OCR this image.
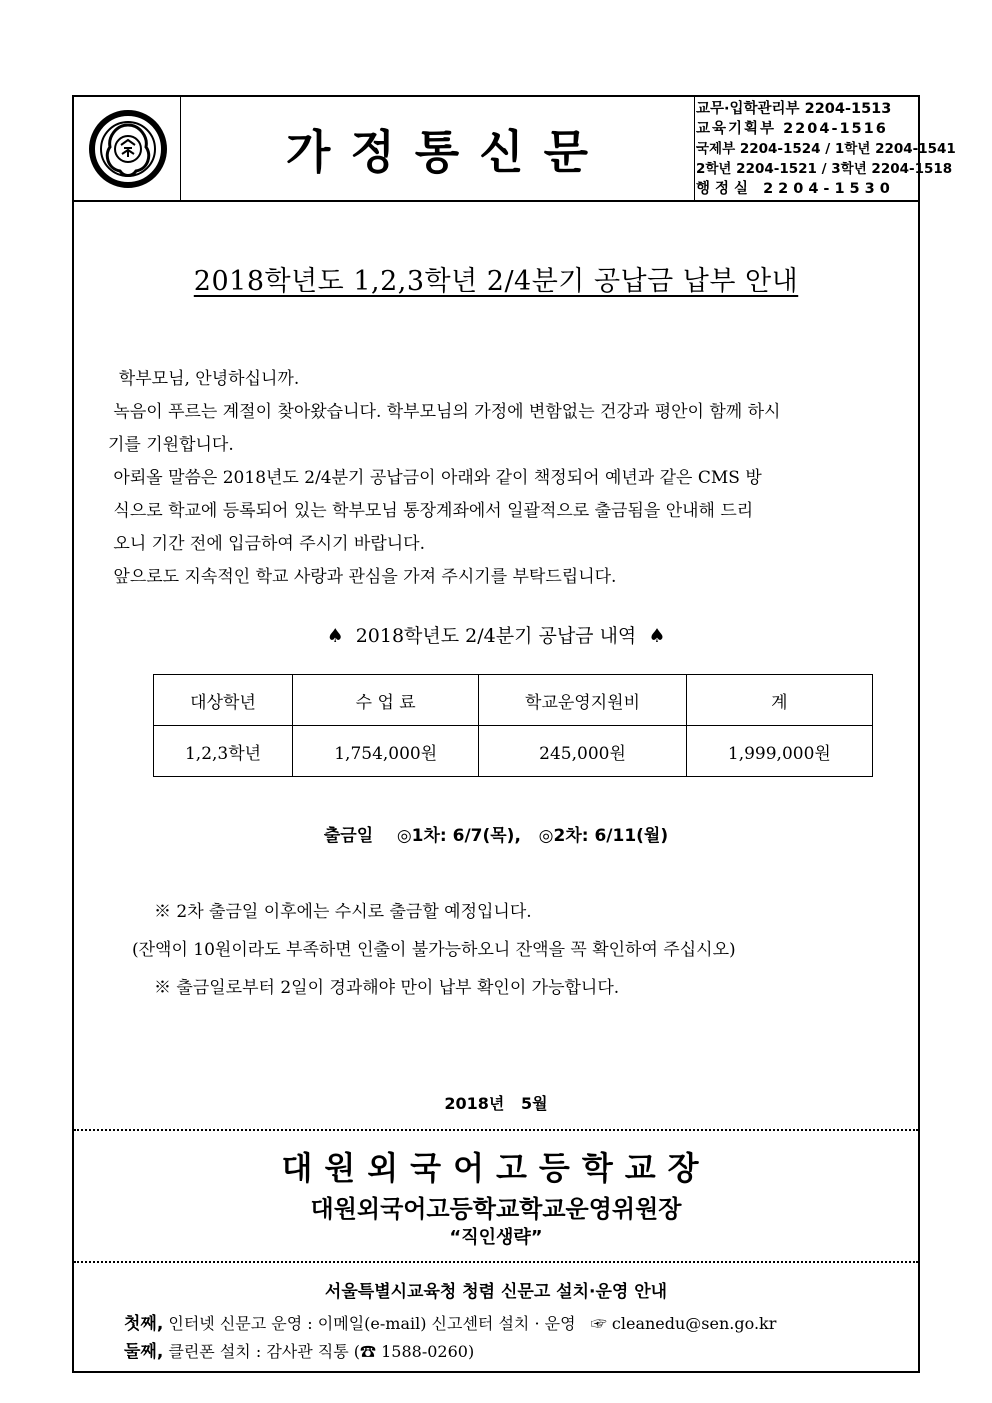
가정통신문
교무·입학관리부 2204-1513
교육기획부 2204-1516
국제부 2204-1524 / 1학년 2204-1541
2학년 2204-1521 / 3학년 2204-1518
행정실 2204-1530
2018학년도 1,2,3학년 2/4분기 공납금 납부 안내
학부모님, 안녕하십니까.
녹음이 푸르는 계절이 찾아왔습니다. 학부모님의 가정에 변함없는 건강과 평안이 함께 하시
기를 기원합니다.
아뢰올 말씀은 2018년도 2/4분기 공납금이 아래와 같이 책정되어 예년과 같은 CMS 방
식으로 학교에 등록되어 있는 학부모님 통장계좌에서 일괄적으로 출금됨을 안내해 드리
오니 기간 전에 입금하여 주시기 바랍니다.
앞으로도 지속적인 학교 사랑과 관심을 가져 주시기를 부탁드립니다.
♠  2018학년도 2/4분기 공납금 내역  ♠
대상학년	수 업 료	학교운영지원비	계
1,2,3학년	1,754,000원	245,000원	1,999,000원
출금일    ◎1차: 6/7(목),   ◎2차: 6/11(월)
※ 2차 출금일 이후에는 수시로 출금할 예정입니다.
(잔액이 10원이라도 부족하면 인출이 불가능하오니 잔액을 꼭 확인하여 주십시오)
※ 출금일로부터 2일이 경과해야 만이 납부 확인이 가능합니다.
2018년   5월
대원외국어고등학교장
대원외국어고등학교학교운영위원장
“직인생략”
서울특별시교육청 청렴 신문고 설치·운영 안내
첫째, 인터넷 신문고 운영 : 이메일(e-mail) 신고센터 설치 · 운영   ☞ cleanedu@sen.go.kr
둘째, 클린폰 설치 : 감사관 직통 (☎ 1588-0260)
